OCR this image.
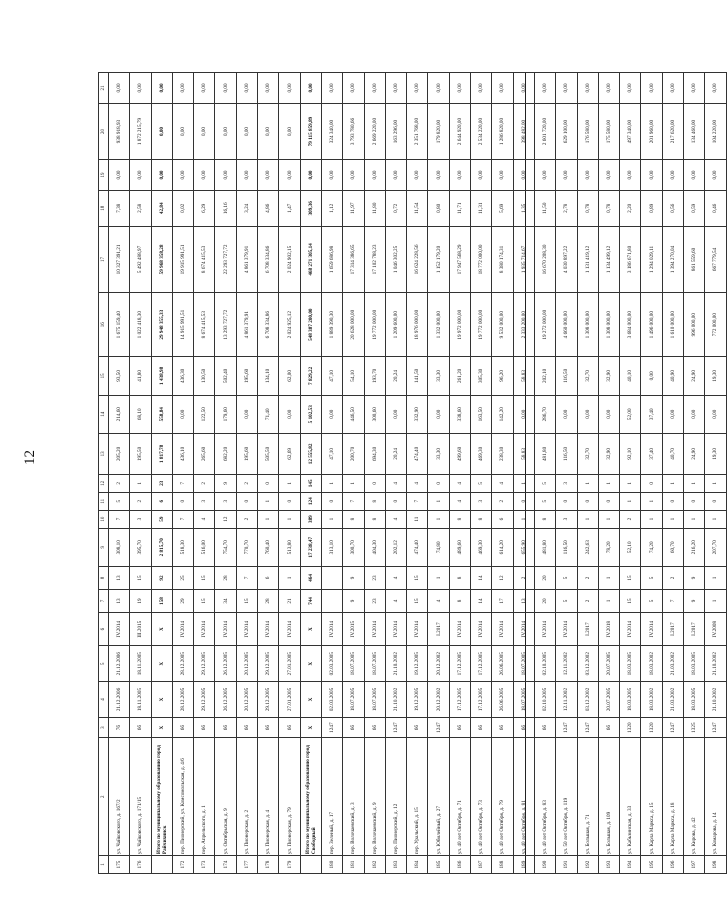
12
1	2	3	4	5	6	7	8	9	10	11	12	13	14	15	16	17	18	19	20	21
175	ул. Чайковского, д. 167/2	7б	21.12.2006	21.12.2006	IV.2014	13	13	308,10	7	5	2	205,20	214,60	93,50	1 675 159,40	10 327 391,21	7,38	0,00	938 918,93	0,00
176	ул. Чайковского, д. 171/15	6б	18.11.2005	18.11.2005	III.2015	19	15	395,70	3	2	1	195,50	68,10	41,80	1 022 418,30	5 492 488,97	2,58	0,00	1 872 215,79	0,00
	Итого по муниципальному образованию город Райчихинск	X	X	X	X	158	92	2 815,70	59	6	23	1 817,78	558,84	1 438,98	29 948 355,33	59 968 358,28	42,84	0,00	0,00	0,00
172	пер. Пионерский, ул. Комсомольская, д. 4/6	6б	28.12.2005	28.12.2005	IV.2014	29	25	518,30	7	0	7	436,10	0,00	436,30	14 915 991,51	19 915 991,51	0,02	0,00	0,00	0,00
173	пер. Апрельского, д. 1	6б	29.12.2005	29.12.2005	IV.2014	15	15	516,00	4	3	2	265,60	122,50	130,50	8 674 415,53	8 674 415,53	6,29	0,00	0,00	0,00
174	ул. Октябрьская, д. 9	6б	26.12.2005	26.12.2005	IV.2014	34	28	754,70	12	3	9	682,20	179,60	502,40	13 293 727,72	22 293 727,72	16,16	0,00	0,00	0,00
177	ул. Пионерская, д. 2	6б	20.12.2005	20.12.2005	IV.2014	15	7	770,70	2	0	2	195,60	0,00	195,60	4 861 379,91	4 861 379,91	3,24	0,00	0,00	0,00
178	ул. Пионерская, д. 4	6б	29.12.2005	29.12.2005	IV.2014	28	6	760,40	1	1	0	505,50	71,40	134,10	6 708 334,86	6 708 334,86	4,86	0,00	0,00	0,00
179	ул. Пионерская, д. 79	6б	27.01.2005	27.01.2005	IV.2014	21	1	513,80	1	0	1	62,69	0,00	62,00	2 024 925,12	2 024 902,15	1,47	0,00	0,00	0,00
	Итого по муниципальному образованию город Свободный	X	X	X	X	744	464	17 238,47	389	124	145	12 555,82	5 102,53	7 829,22	548 387 200,00	468 271 305,14	309,36	0,00	79 115 859,89	0,00
180	пер. Зеленый, д. 17	1247	02.03.2005	02.03.2005	IV.2014			313,10	1	0	1	47,10	0,00	47,10	1 889 390,30	1 659 686,98	1,12	0,00	324 340,00	0,00
181	пер. Волочаевский, д. 3	6б	18.07.2005	18.07.2005	IV.2015	9	9	300,70	8	7	1	200,70	446,50	54,10	20 628 000,00	17 314 386,65	11,97	0,00	3 793 780,66	0,00
182	пер. Волочаевский, д. 9	6б	18.07.2005	18.07.2005	IV.2014	23	23	404,30	8	8	0	694,30	300,60	193,70	19 772 000,00	17 102 788,23	11,80	0,00	2 669 220,00	0,00
183	пер. Пионерский, д. 12	1247	21.10.2002	21.10.2002	IV.2014	4	4	202,12	4	0	4	20,24	0,00	20,24	1 209 600,00	1 046 302,25	0,72	0,00	163 296,00	0,00
184	пер. Уральский, д. 15	6б	19.12.2005	19.12.2005	IV.2014	15	15	474,40	11	7	4	474,40	332,90	141,50	18 976 000,00	16 624 228,56	11,54	0,00	2 351 768,00	0,00
185	ул. Юбилейный, д. 27	1247	20.12.2002	20.12.2002	I.2017	4	1	74,80	1	1	0	33,30	0,00	33,30	1 332 000,00	1 152 179,20	0,80	0,00	179 820,00	0,00
186	ул. 40 лет Октября, д. 71	6б	17.12.2005	17.12.2005	IV.2014	8	8	489,60	8	4	4	499,60	338,60	261,20	19 972 000,00	17 947 568,29	11,71	0,00	2 644 920,00	0,00
187	ул. 40 лет Октября, д. 73	6б	17.12.2005	17.12.2005	IV.2014	14	14	469,30	8	3	5	469,30	163,50	305,30	19 772 000,00	18 772 000,00	11,31	0,00	2 534 220,00	0,00
188	ул. 40 лет Октября, д. 79	6б	26.06.2005	26.06.2005	IV.2014	17	12	614,20	6	2	4	238,30	142,20	96,20	9 532 000,00	8 380 174,31	5,69	0,00	1 286 820,00	0,00
189	ул. 40 лет Октября, д. 81	6б	18.07.2005	18.07.2005	IV.2014	13	2	655,90	1	0	1	58,83	0,00	58,83	2 333 200,00	1 935 714,67	1,35	0,00	398 482,00	0,00
190	ул. 40 лет Октября, д. 83	6б	02.10.2005	02.10.2005	IV.2014	20	20	481,80	8	5	5	481,80	286,70	202,10	19 272 000,00	16 670 208,30	11,50	0,00	2 601 720,00	0,00
191	ул. 50 лет Октября, д. 119	1247	12.11.2002	12.11.2002	IV.2014	5	5	116,50	3	0	3	116,50	0,00	116,50	4 660 000,00	4 030 897,22	2,78	0,00	629 100,00	0,00
192	ул. Большая, д. 71	1247	03.12.2002	03.12.2002	I.2017	2	2	242,63	1	0	1	32,70	0,00	32,70	1 308 000,00	1 131 419,12	0,78	0,00	176 580,00	0,00
193	ул. Большая, д. 109	6б	20.07.2005	20.07.2005	IV.2018	1	1	78,20	1	0	1	32,90	0,00	32,90	1 308 000,00	1 134 499,12	0,78	0,00	175 580,00	0,00
194	ул. Кабьзинская, д. 33	1320	18.03.2005	18.03.2005	IV.2014	15	15	52,10	2	1	1	92,10	52,00	40,10	3 684 000,00	3 186 671,80	2,20	0,00	497 340,00	0,00
195	ул. Карла Маркса, д. 15	1320	18.03.2002	18.03.2002	IV.2014	5	5	74,20	1	1	0	37,40	37,40	0,00	1 496 000,00	1 294 029,11	0,89	0,00	201 960,00	0,00
196	ул. Карла Маркса, д. 18	1247	21.03.2002	21.03.2002	I.2017	7	2	60,70	1	0	1	40,70	0,00	40,90	1 610 000,00	1 394 270,04	0,56	0,00	217 620,00	0,00
197	ул. Кирова, д. 42	1325	18.03.2005	18.03.2005	I.2017	9	9	216,20	1	0	1	24,90	0,00	24,90	996 000,00	861 559,60	0,59	0,00	134 460,00	0,00
198	ул. Комарова, д. 14	1247	21.10.2002	21.10.2002	IV.2008	1	1	207,70	1	0	1	19,30	0,00	19,30	772 000,00	667 779,54	0,46	0,00	104 220,00	0,00
